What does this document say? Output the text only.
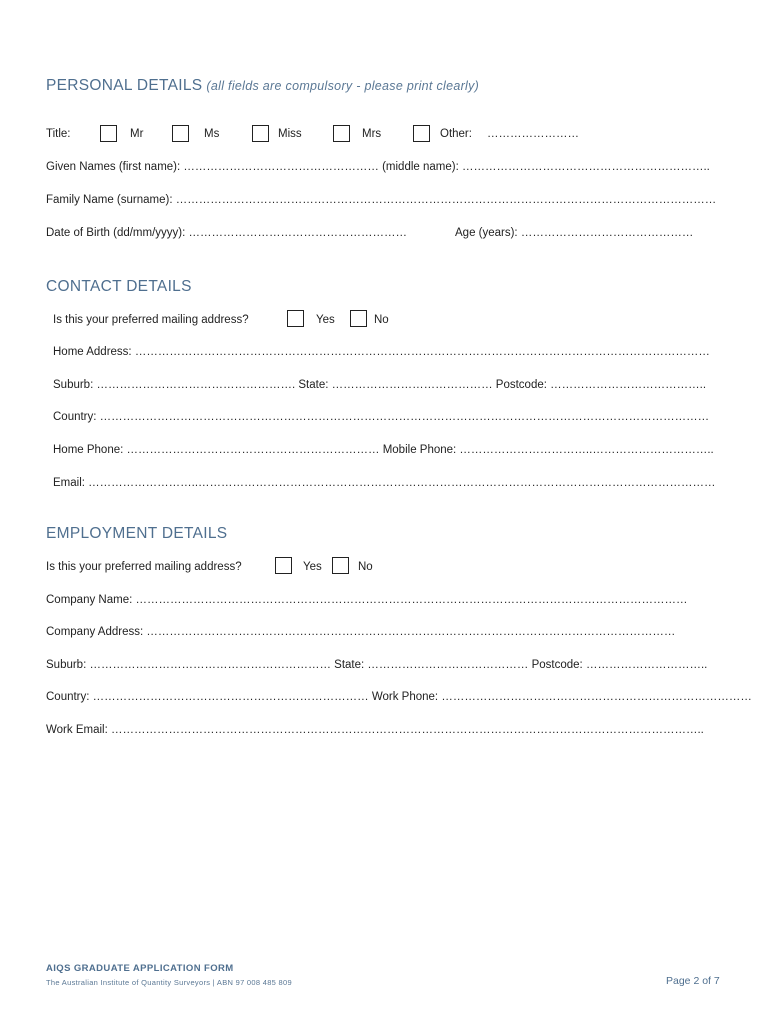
PERSONAL DETAILS (all fields are compulsory - please print clearly)
Title:	Mr	Ms	Miss	Mrs	Other: ……………………
Given Names (first name): …………………………………………… (middle name): ………………………………………………………..
Family Name (surname): ……………………………………………………………………………………………………………………………
Date of Birth (dd/mm/yyyy): …………………………………………………	Age (years): ………………………………………
CONTACT DETAILS
Is this your preferred mailing address?	Yes	No
Home Address: ……………………………………………………………………………………………………………………………………
Suburb: ……………………………………………. State: …………………………………… Postcode: …………………………………..
Country: ……………………………………………………………………………………………………………………………………………
Home Phone: ………………………………………………………… Mobile Phone: ……………………………..…………………………..
Email: ………………………..………………………………………………………………………………………………………………………
EMPLOYMENT DETAILS
Is this your preferred mailing address?	Yes	No
Company Name: ………………………………………………………………………………………………………………………………
Company Address: …………………………………………………………………………………………………………………………
Suburb: ……………………………………………………… State: …………………………………… Postcode: …………………………..
Country: ……………………………………………………………… Work Phone: ………………………………………………………………………
Work Email: ………………………………………………………………………………………………………………………………………..
AIQS GRADUATE APPLICATION FORM
The Australian Institute of Quantity Surveyors | ABN 97 008 485 809	Page 2 of 7
